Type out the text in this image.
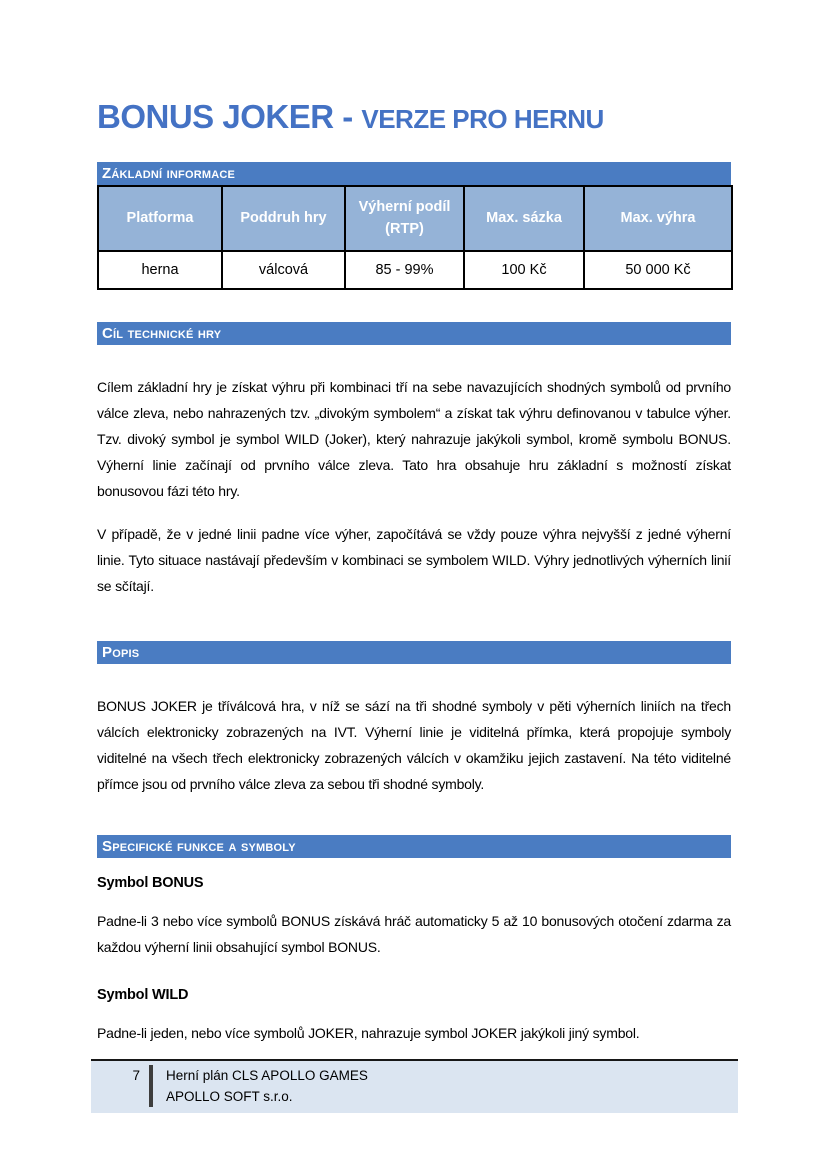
BONUS JOKER - VERZE PRO HERNU
Základní informace
Platforma	Poddruh hry	Výherní podíl (RTP)	Max. sázka	Max. výhra
herna	válcová	85 - 99%	100 Kč	50 000 Kč
Cíl technické hry

Cílem základní hry je získat výhru při kombinaci tří na sebe navazujících shodných symbolů od prvního válce zleva, nebo nahrazených tzv. „divokým symbolem“ a získat tak výhru definovanou v tabulce výher. Tzv. divoký symbol je symbol WILD (Joker), který nahrazuje jakýkoli symbol, kromě symbolu BONUS. Výherní linie začínají od prvního válce zleva. Tato hra obsahuje hru základní s možností získat bonusovou fázi této hry.

V případě, že v jedné linii padne více výher, započítává se vždy pouze výhra nejvyšší z jedné výherní linie. Tyto situace nastávají především v kombinaci se symbolem WILD. Výhry jednotlivých výherních linií se sčítají.

Popis

BONUS JOKER je tříválcová hra, v níž se sází na tři shodné symboly v pěti výherních liniích na třech válcích elektronicky zobrazených na IVT. Výherní linie je viditelná přímka, která propojuje symboly viditelné na všech třech elektronicky zobrazených válcích v okamžiku jejich zastavení. Na této viditelné přímce jsou od prvního válce zleva za sebou tři shodné symboly.

Specifické funkce a symboly
Symbol BONUS

Padne-li 3 nebo více symbolů BONUS získává hráč automaticky 5 až 10 bonusových otočení zdarma za každou výherní linii obsahující symbol BONUS.

Symbol WILD

Padne-li jeden, nebo více symbolů JOKER, nahrazuje symbol JOKER jakýkoli jiný symbol.

7	Herní plán CLS APOLLO GAMES
APOLLO SOFT s.r.o.
